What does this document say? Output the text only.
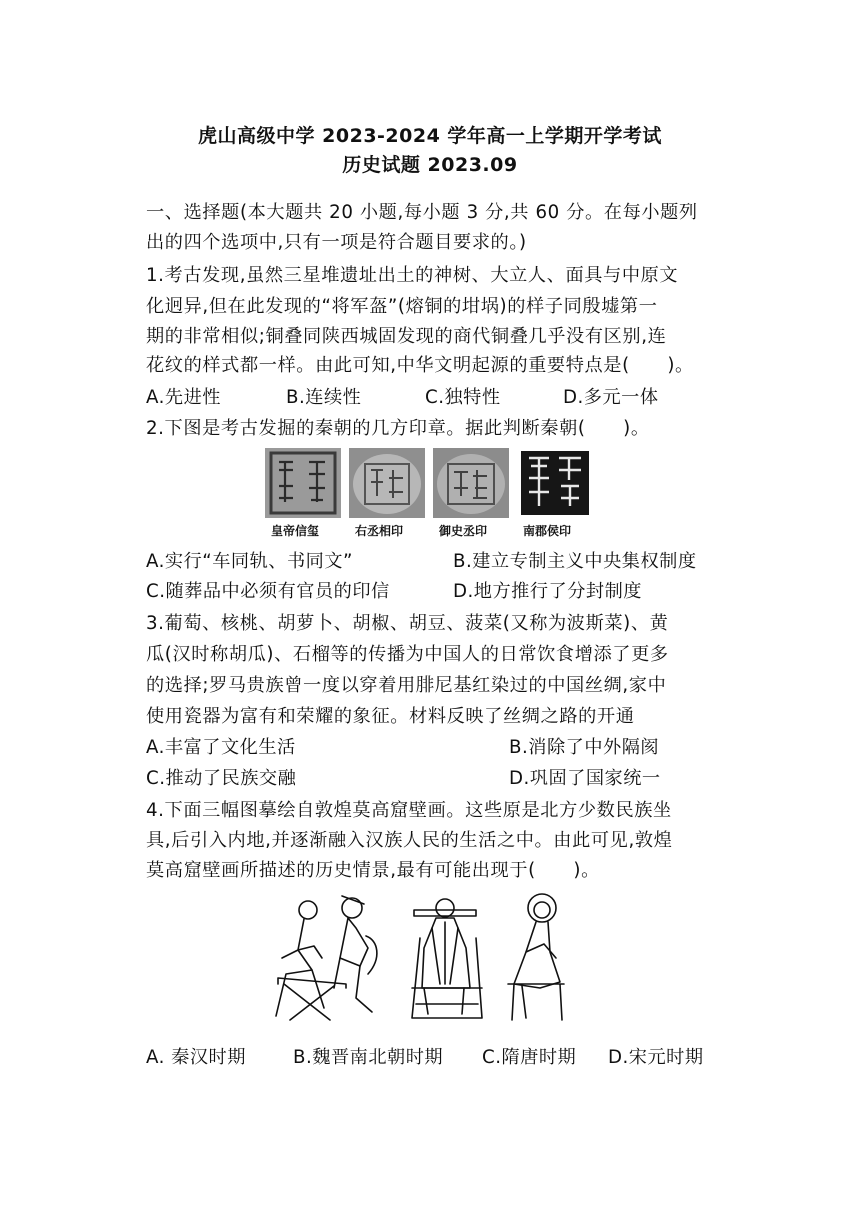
虎山高级中学 2023-2024 学年高一上学期开学考试
历史试题 2023.09
一、选择题(本大题共 20 小题,每小题 3 分,共 60 分。在每小题列
出的四个选项中,只有一项是符合题目要求的。)
1.考古发现,虽然三星堆遗址出土的神树、大立人、面具与中原文
化迥异,但在此发现的“将军盔”(熔铜的坩埚)的样子同殷墟第一
期的非常相似;铜叠同陕西城固发现的商代铜叠几乎没有区别,连
花纹的样式都一样。由此可知,中华文明起源的重要特点是(　　)。
A.先进性	B.连续性	C.独特性	D.多元一体
2.下图是考古发掘的秦朝的几方印章。据此判断秦朝(　　)。
皇帝信玺	右丞相印	御史丞印	南郡侯印
A.实行“车同轨、书同文”	B.建立专制主义中央集权制度
C.随葬品中必须有官员的印信	D.地方推行了分封制度
3.葡萄、核桃、胡萝卜、胡椒、胡豆、菠菜(又称为波斯菜)、黄
瓜(汉时称胡瓜)、石榴等的传播为中国人的日常饮食增添了更多
的选择;罗马贵族曾一度以穿着用腓尼基红染过的中国丝绸,家中
使用瓷器为富有和荣耀的象征。材料反映了丝绸之路的开通
A.丰富了文化生活	B.消除了中外隔阂
C.推动了民族交融	D.巩固了国家统一
4.下面三幅图摹绘自敦煌莫高窟壁画。这些原是北方少数民族坐
具,后引入内地,并逐渐融入汉族人民的生活之中。由此可见,敦煌
莫高窟壁画所描述的历史情景,最有可能出现于(　　)。
A. 秦汉时期	B.魏晋南北朝时期 C.隋唐时期 D.宋元时期
